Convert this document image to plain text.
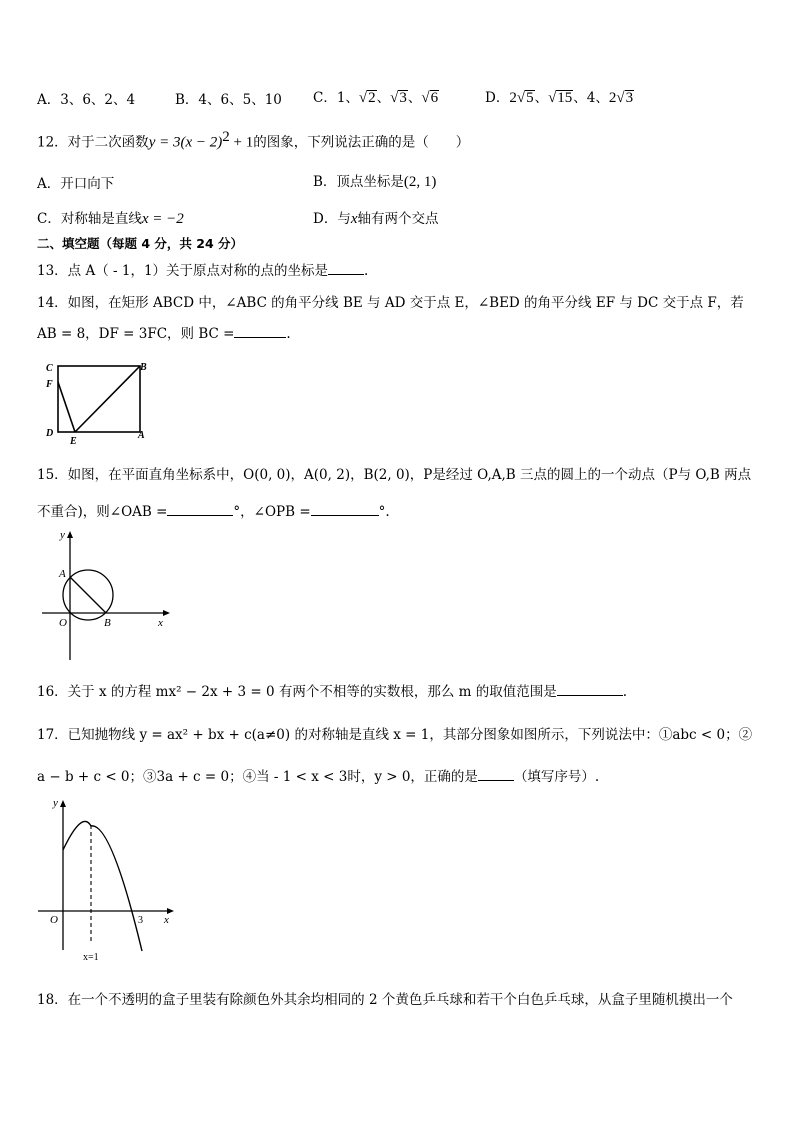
A．3、6、2、4	B．4、6、5、10 C．1、√2、√3、√6	D．2√5、√15、4、2√3
12．对于二次函数$y = 3(x - 2)^2 + 1$的图象，下列说法正确的是（　　）
A．开口向下	B．顶点坐标是(2, 1)
C．对称轴是直线x = −2	D．与x轴有两个交点
二、填空题（每题 4 分，共 24 分）
13．点 A（ - 1，1）关于原点对称的点的坐标是	.
14．如图，在矩形 ABCD 中，∠ABC 的角平分线 BE 与 AD 交于点 E，∠BED 的角平分线 EF 与 DC 交于点 F，若
AB = 8，DF = 3FC，则 BC =	.
C	B
F
D
E
A
15．如图，在平面直角坐标系中，O(0, 0)，A(0, 2)，B(2, 0)，P是经过 O,A,B 三点的圆上的一个动点（P与 O,B 两点
不重合)，则∠OAB =	°，∠OPB =	°.
y
A
O	B	x
16．关于 x 的方程 mx² − 2x + 3 = 0 有两个不相等的实数根，那么 m 的取值范围是	.
17．已知抛物线 y = ax² + bx + c(a≠0) 的对称轴是直线 x = 1，其部分图象如图所示，下列说法中：①abc < 0；②
a − b + c < 0；③3a + c = 0；④当 - 1 < x < 3时，y > 0，正确的是	（填写序号）.
y
O	3 x
x=1
18．在一个不透明的盒子里装有除颜色外其余均相同的 2 个黄色乒乓球和若干个白色乒乓球，从盒子里随机摸出一个
